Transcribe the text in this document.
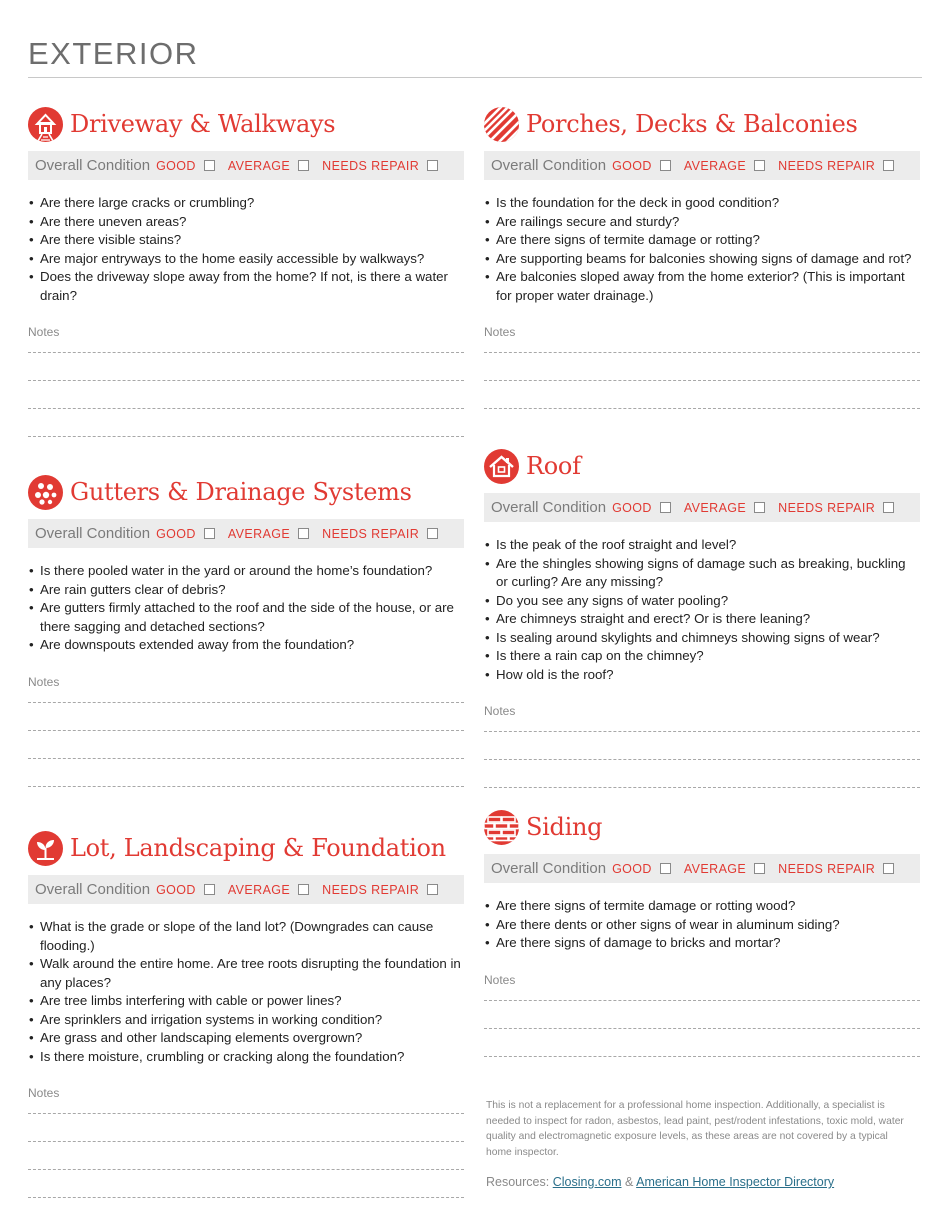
EXTERIOR
Driveway & Walkways
Overall Condition GOOD	AVERAGE	NEEDS REPAIR
• Are there large cracks or crumbling?
• Are there uneven areas?
• Are there visible stains?
• Are major entryways to the home easily accessible by walkways?
• Does the driveway slope away from the home? If not, is there a water drain?
Notes
Gutters & Drainage Systems
Overall Condition GOOD	AVERAGE	NEEDS REPAIR
• Is there pooled water in the yard or around the home’s foundation?
• Are rain gutters clear of debris?
• Are gutters firmly attached to the roof and the side of the house, or are there sagging and detached sections?
• Are downspouts extended away from the foundation?
Notes
Lot, Landscaping & Foundation
Overall Condition GOOD	AVERAGE	NEEDS REPAIR
• What is the grade or slope of the land lot? (Downgrades can cause flooding.)
• Walk around the entire home. Are tree roots disrupting the foundation in any places?
• Are tree limbs interfering with cable or power lines?
• Are sprinklers and irrigation systems in working condition?
• Are grass and other landscaping elements overgrown?
• Is there moisture, crumbling or cracking along the foundation?
Notes
Porches, Decks & Balconies
Overall Condition GOOD	AVERAGE	NEEDS REPAIR
• Is the foundation for the deck in good condition?
• Are railings secure and sturdy?
• Are there signs of termite damage or rotting?
• Are supporting beams for balconies showing signs of damage and rot?
• Are balconies sloped away from the home exterior? (This is important for proper water drainage.)
Notes
Roof
Overall Condition GOOD	AVERAGE	NEEDS REPAIR
• Is the peak of the roof straight and level?
• Are the shingles showing signs of damage such as breaking, buckling or curling? Are any missing?
• Do you see any signs of water pooling?
• Are chimneys straight and erect? Or is there leaning?
• Is sealing around skylights and chimneys showing signs of wear?
• Is there a rain cap on the chimney?
• How old is the roof?
Notes
Siding
Overall Condition GOOD	AVERAGE	NEEDS REPAIR
• Are there signs of termite damage or rotting wood?
• Are there dents or other signs of wear in aluminum siding?
• Are there signs of damage to bricks and mortar?
Notes
This is not a replacement for a professional home inspection. Additionally, a specialist is needed to inspect for radon, asbestos, lead paint, pest/rodent infestations, toxic mold, water quality and electromagnetic exposure levels, as these areas are not covered by a typical home inspector.
Resources: Closing.com & American Home Inspector Directory
